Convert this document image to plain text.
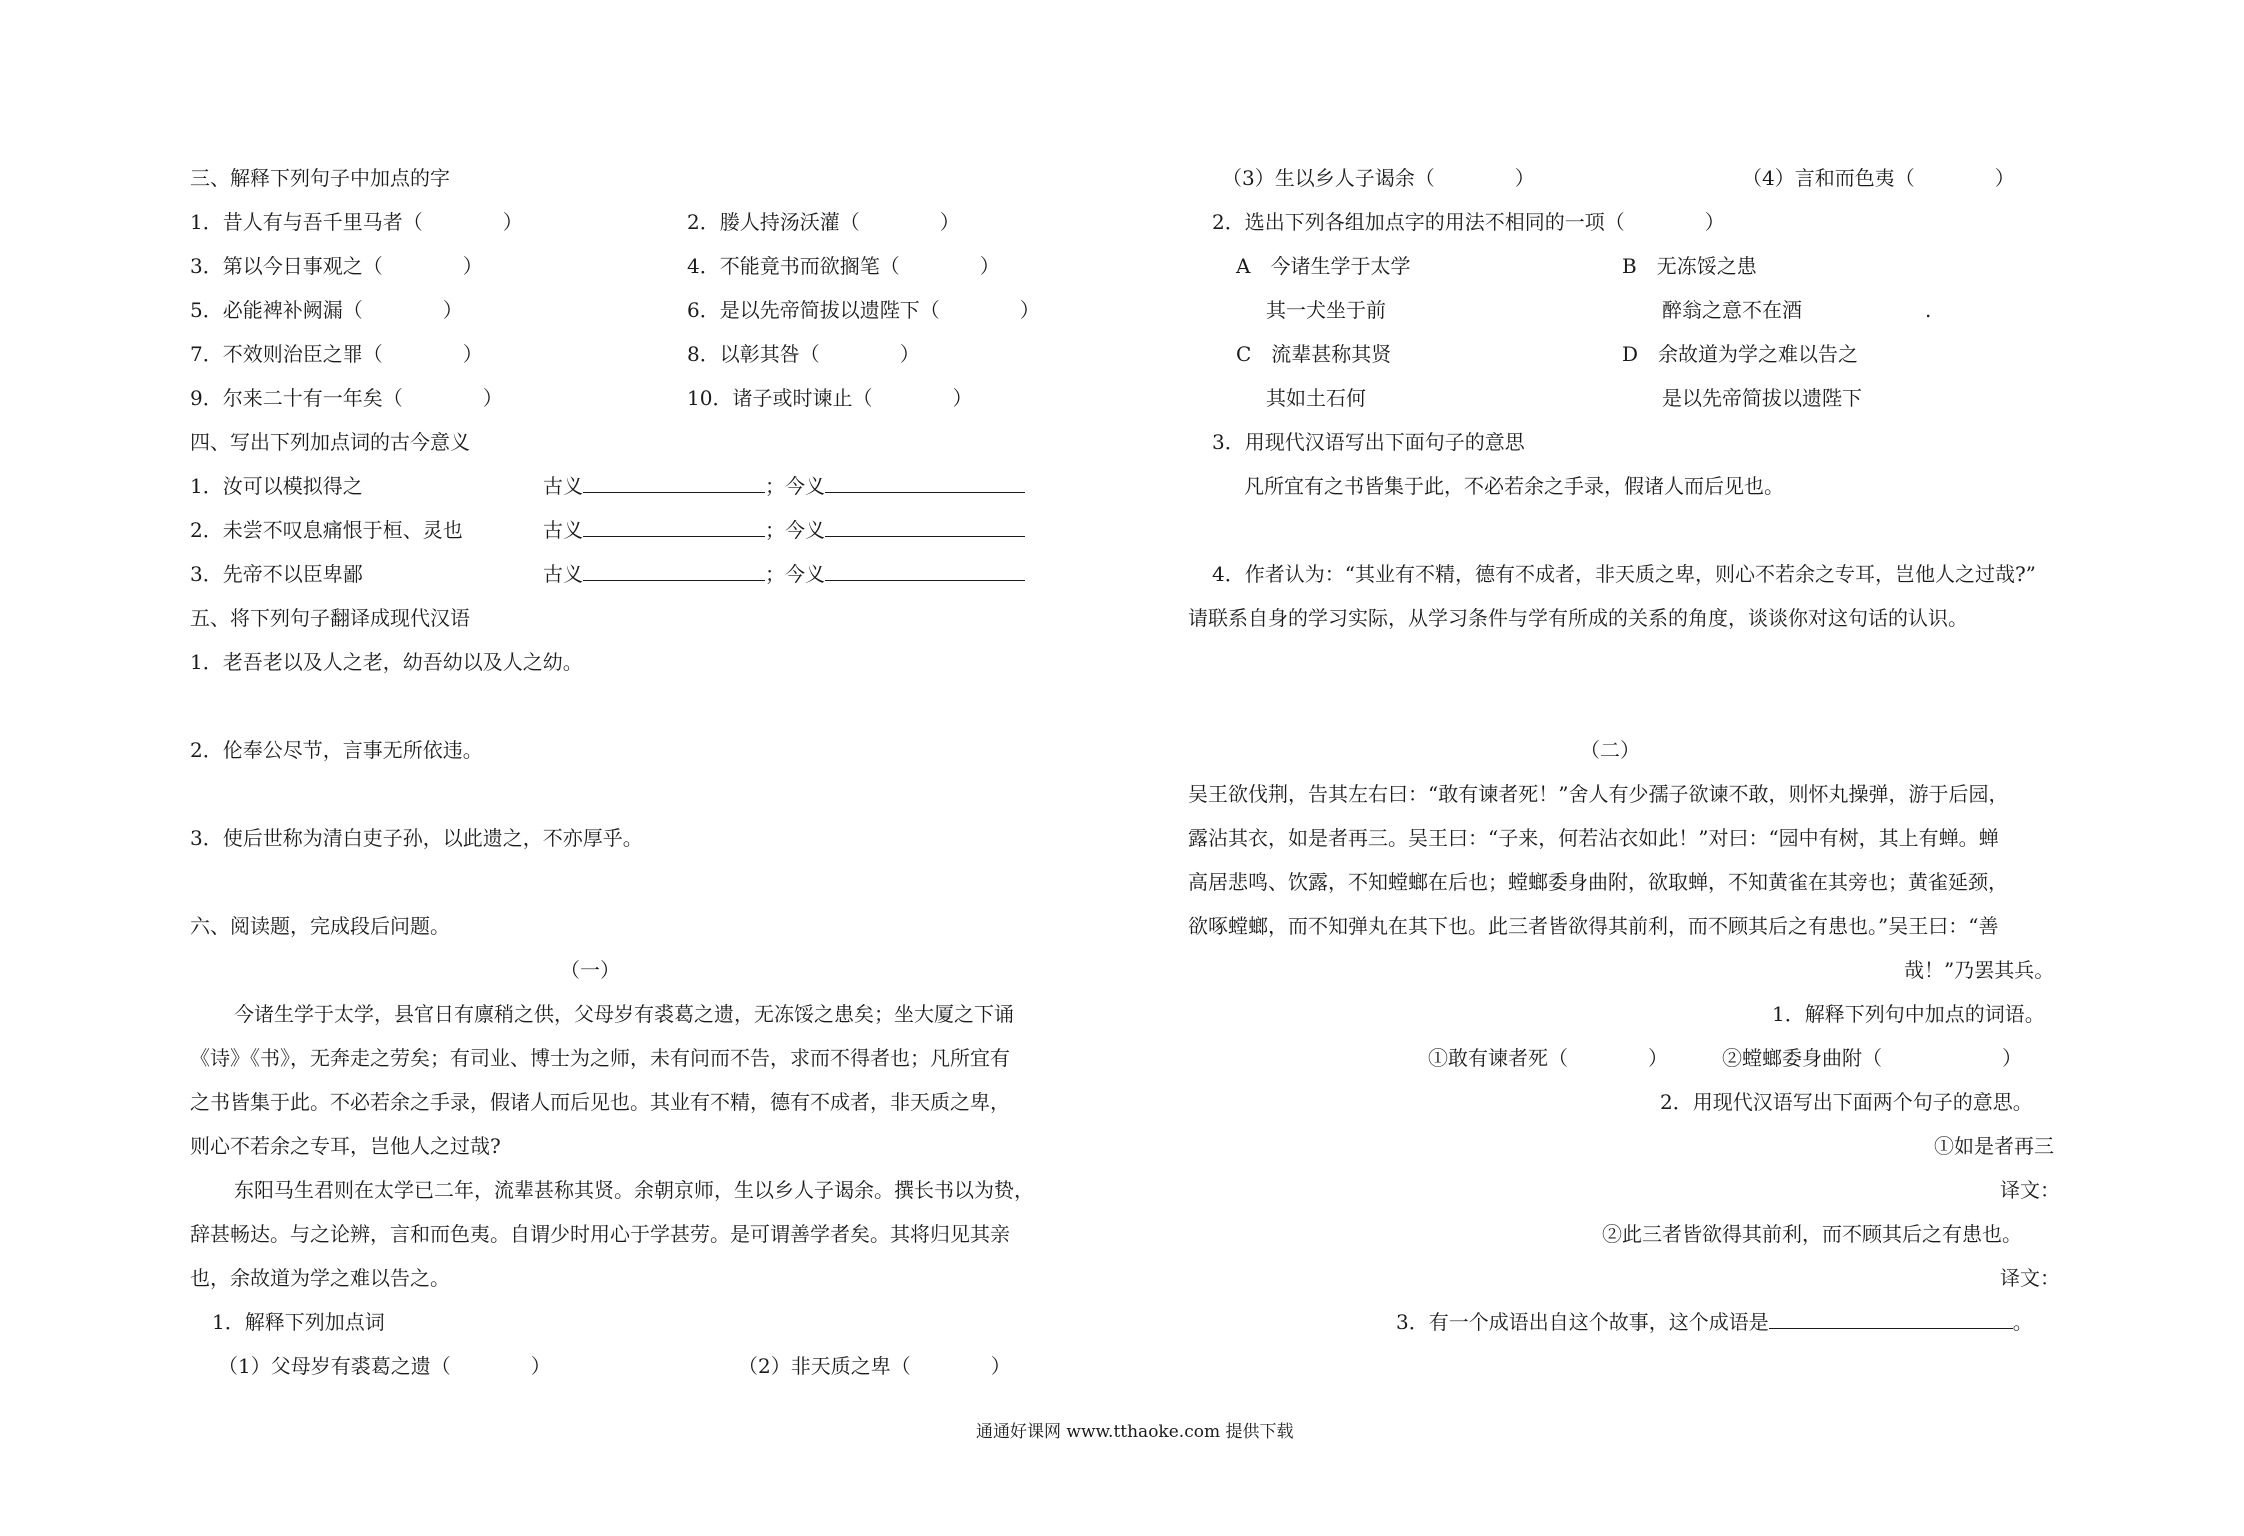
三、解释下列句子中加点的字
1．昔人有与吾千里马者（　　　　）	2．媵人持汤沃灌（　　　　）
3．第以今日事观之（　　　　）	4．不能竟书而欲搁笔（　　　　）
5．必能裨补阙漏（　　　　）	6．是以先帝简拔以遗陛下（　　　　）
7．不效则治臣之罪（　　　　）	8．以彰其咎（　　　　）
9．尔来二十有一年矣（　　　　）	10．诸子或时谏止（　　　　）
四、写出下列加点词的古今意义
1．汝可以模拟得之	古义	；今义
2．未尝不叹息痛恨于桓、灵也	古义	；今义
3．先帝不以臣卑鄙	古义	；今义
五、将下列句子翻译成现代汉语
1．老吾老以及人之老，幼吾幼以及人之幼。
2．伦奉公尽节，言事无所依违。
3．使后世称为清白吏子孙，以此遗之，不亦厚乎。
六、阅读题，完成段后问题。
（一）
今诸生学于太学，县官日有廪稍之供，父母岁有裘葛之遗，无冻馁之患矣；坐大厦之下诵
《诗》《书》，无奔走之劳矣；有司业、博士为之师，未有问而不告，求而不得者也；凡所宜有
之书皆集于此。不必若余之手录，假诸人而后见也。其业有不精，德有不成者，非天质之卑，
则心不若余之专耳，岂他人之过哉?
东阳马生君则在太学已二年，流辈甚称其贤。余朝京师，生以乡人子谒余。撰长书以为贽，
辞甚畅达。与之论辨，言和而色夷。自谓少时用心于学甚劳。是可谓善学者矣。其将归见其亲
也，余故道为学之难以告之。
1．解释下列加点词
（1）父母岁有裘葛之遗（　　　　）	（2）非天质之卑（　　　　）
（3）生以乡人子谒余（　　　　）	（4）言和而色夷（　　　　）
2．选出下列各组加点字的用法不相同的一项（　　　　）
A　今诸生学于太学	B　无冻馁之患
其一犬坐于前	醉翁之意不在酒	.
C　流辈甚称其贤	D　余故道为学之难以告之
其如土石何	是以先帝简拔以遗陛下
3．用现代汉语写出下面句子的意思
凡所宜有之书皆集于此，不必若余之手录，假诸人而后见也。
4．作者认为：“其业有不精，德有不成者，非天质之卑，则心不若余之专耳，岂他人之过哉?”
请联系自身的学习实际，从学习条件与学有所成的关系的角度，谈谈你对这句话的认识。
（二）
吴王欲伐荆，告其左右曰：“敢有谏者死！”舍人有少孺子欲谏不敢，则怀丸操弹，游于后园，
露沾其衣，如是者再三。吴王曰：“子来，何若沾衣如此！”对曰：“园中有树，其上有蝉。蝉
高居悲鸣、饮露，不知螳螂在后也；螳螂委身曲附，欲取蝉，不知黄雀在其旁也；黄雀延颈，
欲啄螳螂，而不知弹丸在其下也。此三者皆欲得其前利，而不顾其后之有患也。”吴王曰：“善
哉！”乃罢其兵。
1．解释下列句中加点的词语。
①敢有谏者死（　　　　）	②螳螂委身曲附（　　　　　　）
2．用现代汉语写出下面两个句子的意思。
①如是者再三
译文：
②此三者皆欲得其前利，而不顾其后之有患也。
译文：
3．有一个成语出自这个故事，这个成语是	。
通通好课网 www.tthaoke.com 提供下载
